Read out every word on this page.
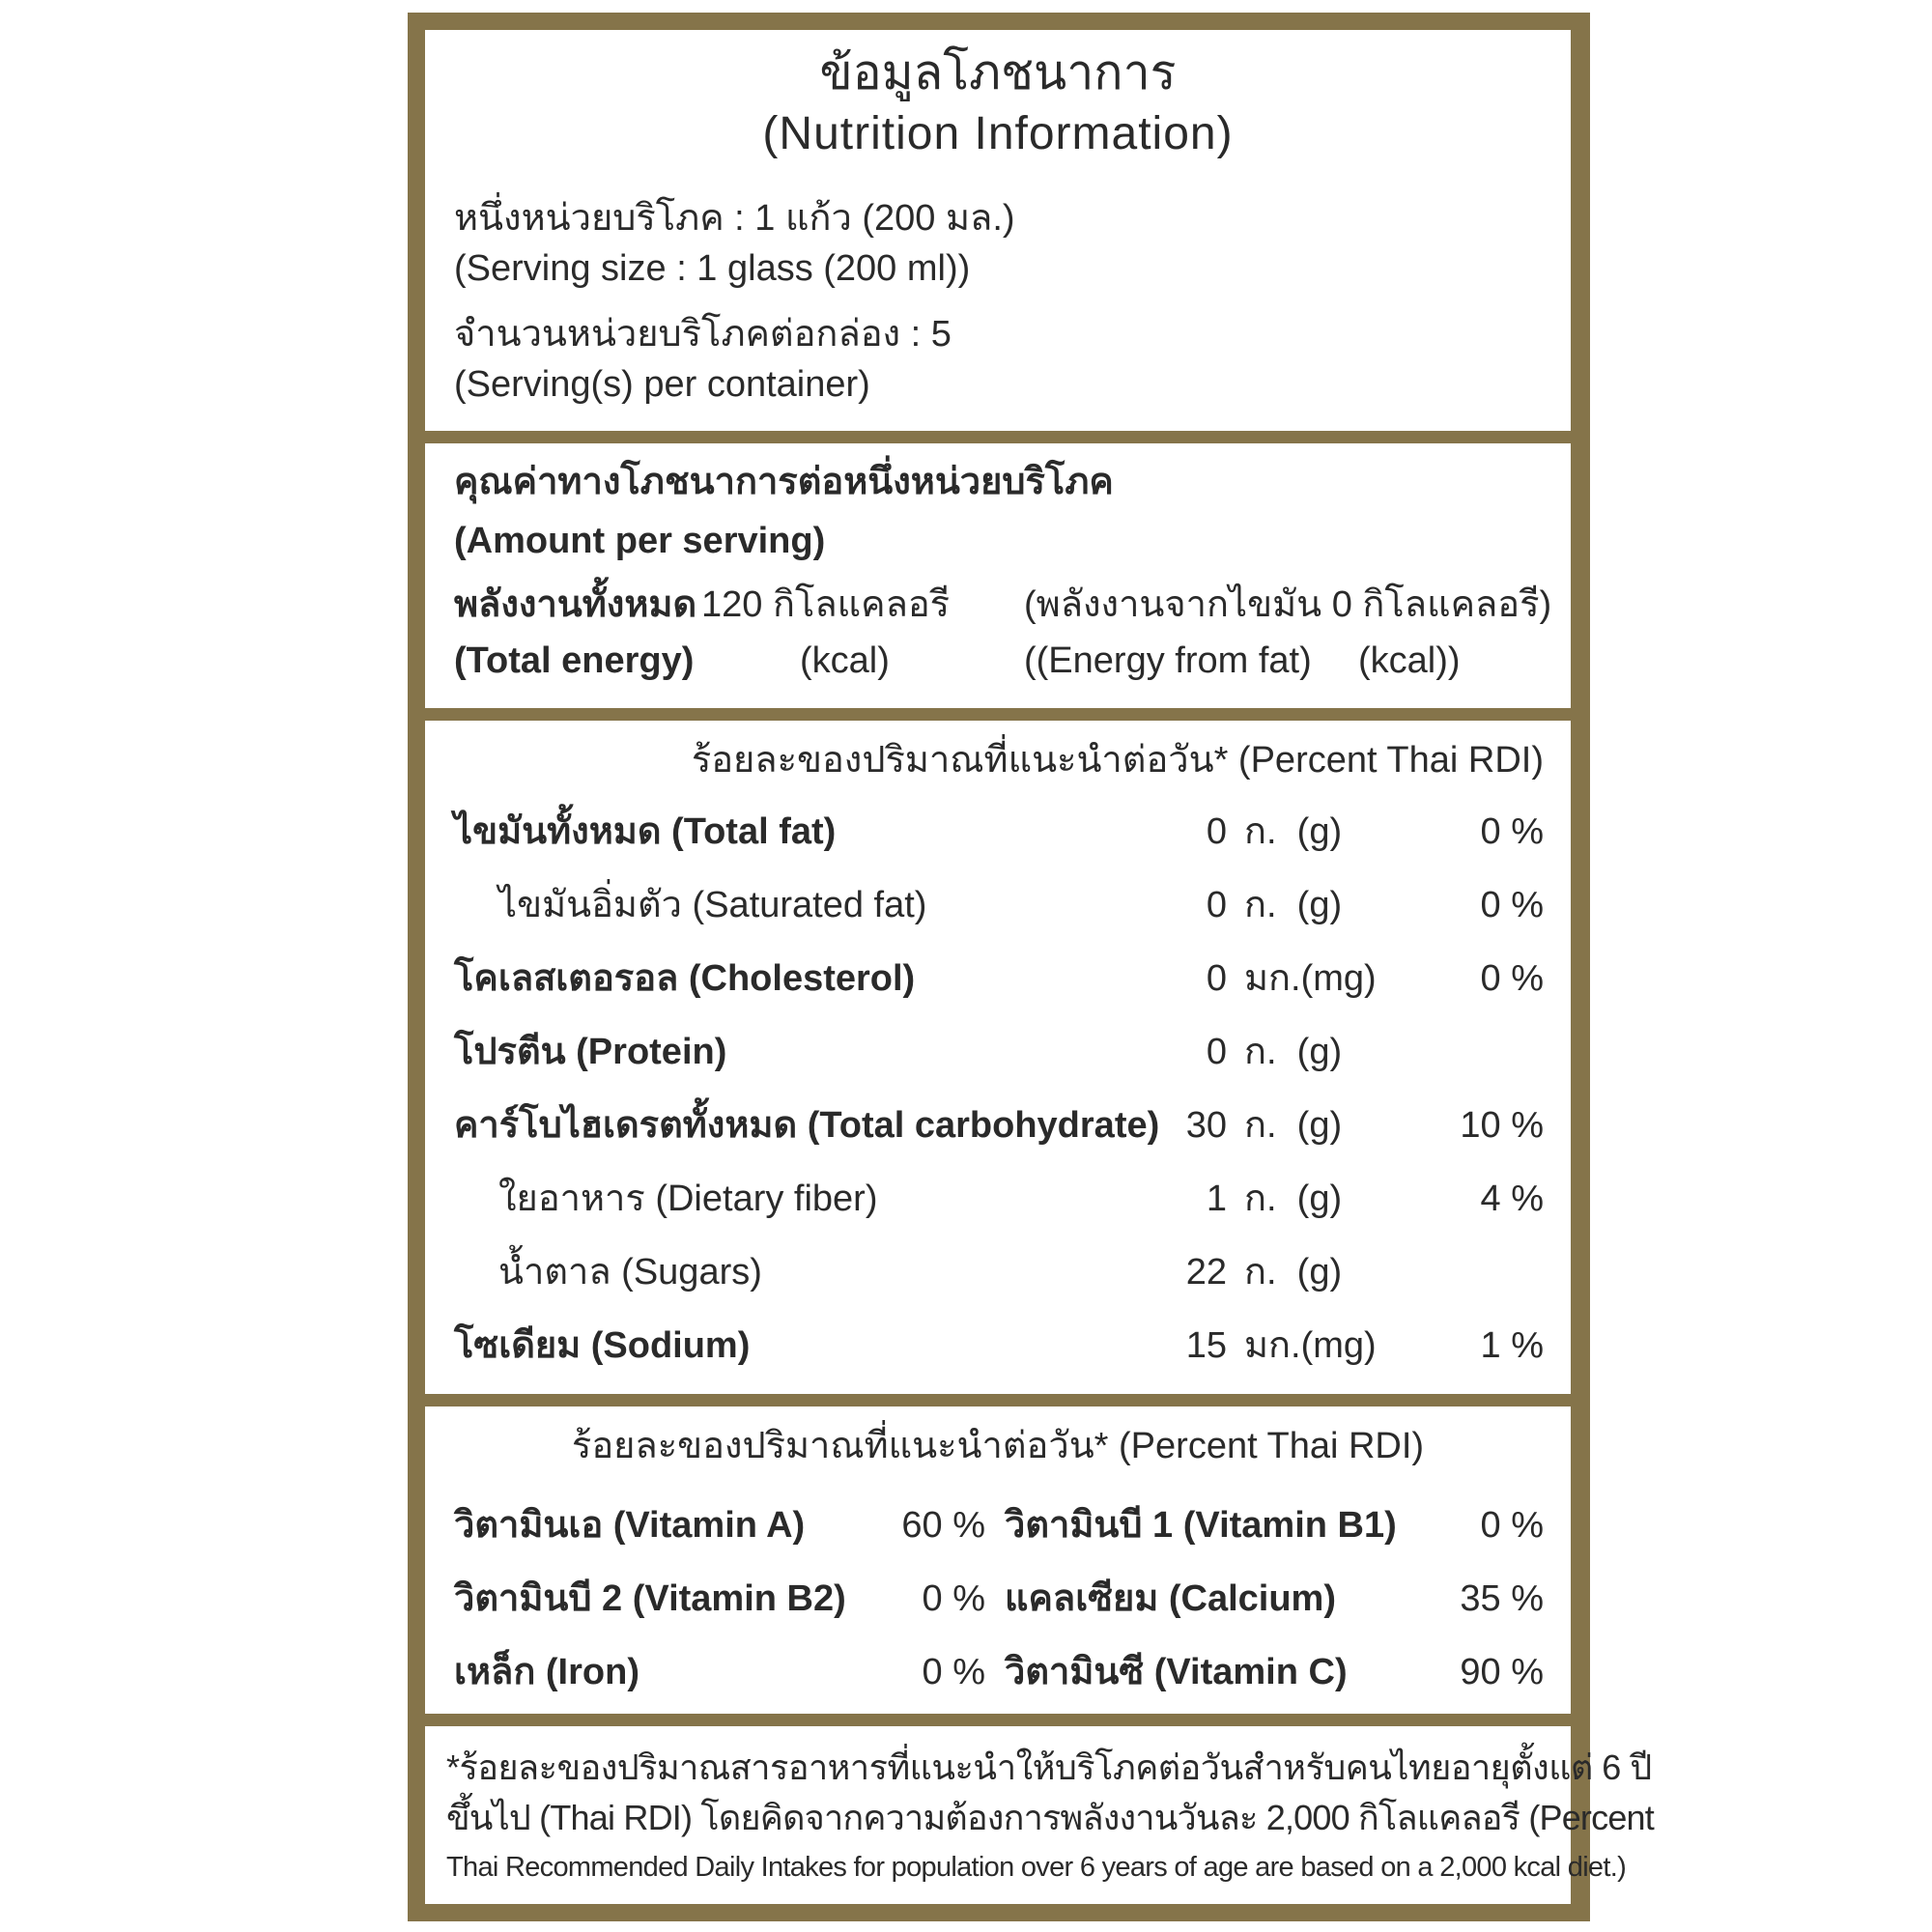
ข้อมูลโภชนาการ
(Nutrition Information)
หนึ่งหน่วยบริโภค : 1 แก้ว (200 มล.)
(Serving size : 1 glass (200 ml))
จำนวนหน่วยบริโภคต่อกล่อง : 5
(Serving(s) per container)
คุณค่าทางโภชนาการต่อหนึ่งหน่วยบริโภค
(Amount per serving)
พลังงานทั้งหมด 120 กิโลแคลอรี (พลังงานจากไขมัน 0 กิโลแคลอรี)
(Total energy)	(kcal)	((Energy from fat) (kcal))
ร้อยละของปริมาณที่แนะนำต่อวัน* (Percent Thai RDI)
ไขมันทั้งหมด (Total fat)	0 ก.  (g)	0 %
ไขมันอิ่มตัว (Saturated fat)	0 ก.  (g)	0 %
โคเลสเตอรอล (Cholesterol)	0 มก.(mg)	0 %
โปรตีน (Protein)	0 ก.  (g)
คาร์โบไฮเดรตทั้งหมด (Total carbohydrate) 30 ก.  (g)	10 %
ใยอาหาร (Dietary fiber)	1 ก.  (g)	4 %
น้ำตาล (Sugars)	22 ก.  (g)
โซเดียม (Sodium)	15 มก.(mg)	1 %
ร้อยละของปริมาณที่แนะนำต่อวัน* (Percent Thai RDI)
วิตามินเอ (Vitamin A)	60 % วิตามินบี 1 (Vitamin B1)	0 %
วิตามินบี 2 (Vitamin B2)	0 % แคลเซียม (Calcium)	35 %
เหล็ก (Iron)	0 % วิตามินซี (Vitamin C)	90 %
*ร้อยละของปริมาณสารอาหารที่แนะนำให้บริโภคต่อวันสำหรับคนไทยอายุตั้งแต่ 6 ปี
ขึ้นไป (Thai RDI) โดยคิดจากความต้องการพลังงานวันละ 2,000 กิโลแคลอรี (Percent
Thai Recommended Daily Intakes for population over 6 years of age are based on a 2,000 kcal diet.)
